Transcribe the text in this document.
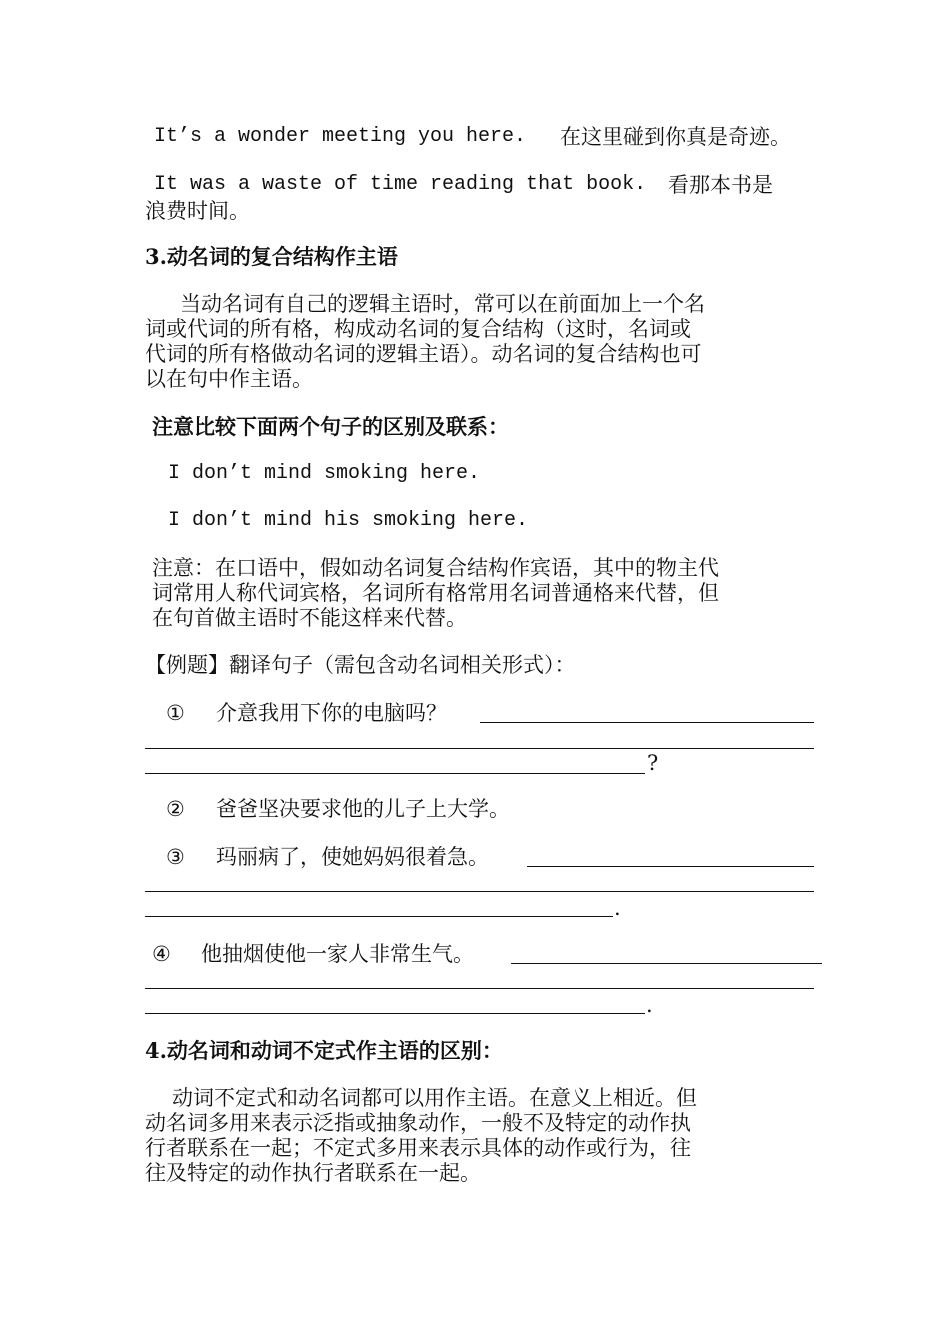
It’s a wonder meeting you here. 在这里碰到你真是奇迹。
It was a waste of time reading that book. 看那本书是
浪费时间。
3.动名词的复合结构作主语
当动名词有自己的逻辑主语时，常可以在前面加上一个名
词或代词的所有格，构成动名词的复合结构（这时，名词或
代词的所有格做动名词的逻辑主语）。动名词的复合结构也可
以在句中作主语。
注意比较下面两个句子的区别及联系：
I don’t mind smoking here.
I don’t mind his smoking here.
注意：在口语中，假如动名词复合结构作宾语，其中的物主代
词常用人称代词宾格，名词所有格常用名词普通格来代替，但
在句首做主语时不能这样来代替。
【例题】翻译句子（需包含动名词相关形式）：
① 介意我用下你的电脑吗？
?
② 爸爸坚决要求他的儿子上大学。
③ 玛丽病了，使她妈妈很着急。
.
④ 他抽烟使他一家人非常生气。
.
4.动名词和动词不定式作主语的区别：
动词不定式和动名词都可以用作主语。在意义上相近。但
动名词多用来表示泛指或抽象动作，一般不及特定的动作执
行者联系在一起；不定式多用来表示具体的动作或行为，往
往及特定的动作执行者联系在一起。
